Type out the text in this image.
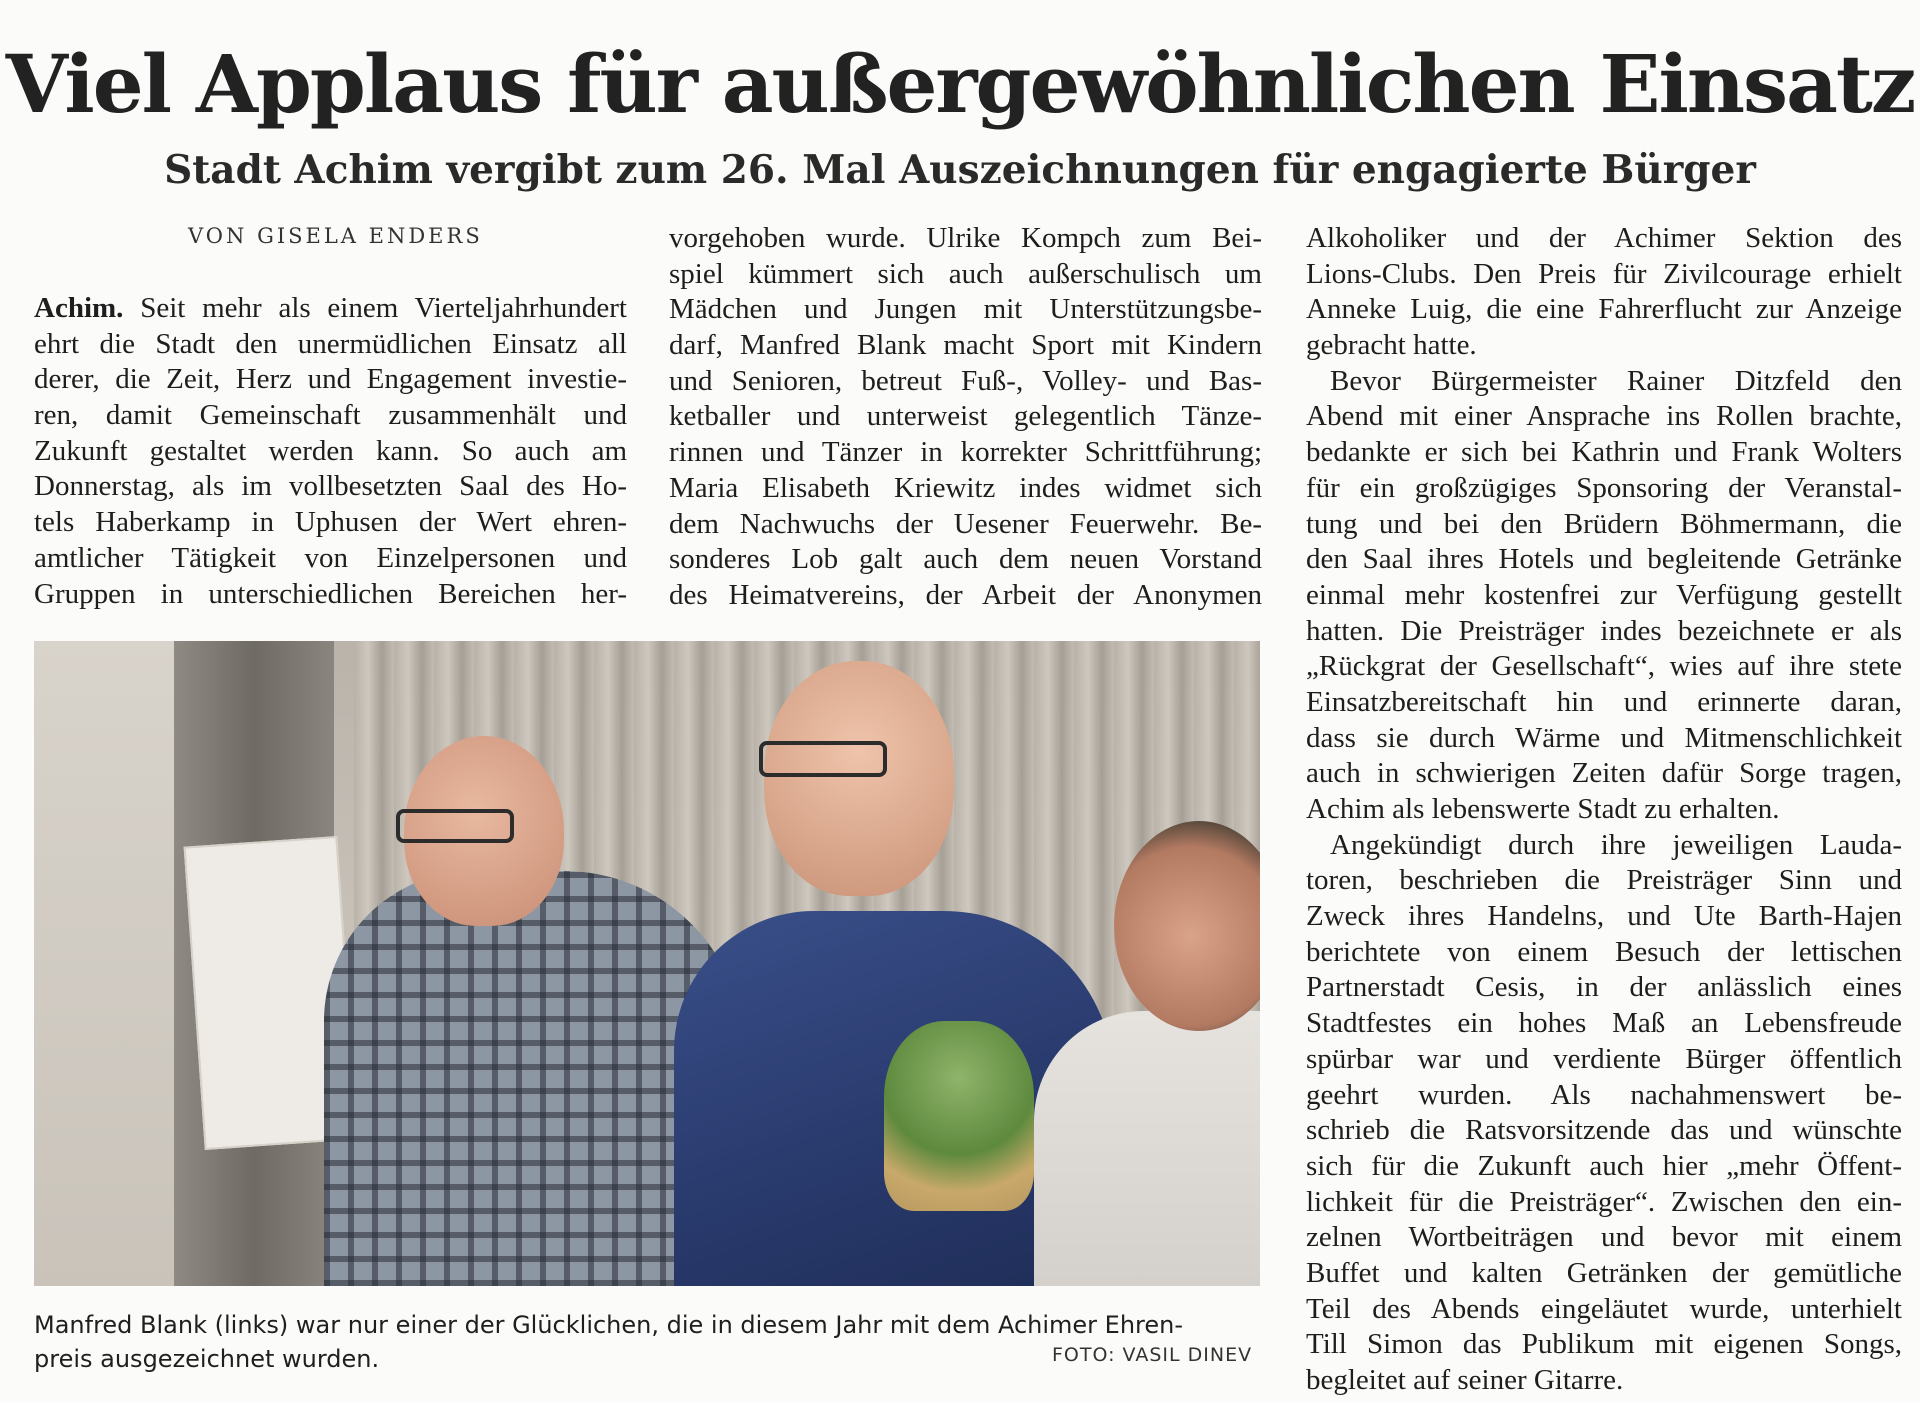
Viel Applaus für außergewöhnlichen Einsatz
Stadt Achim vergibt zum 26. Mal Auszeichnungen für engagierte Bürger
VON GISELA ENDERS
Achim. Seit mehr als einem Vierteljahrhundert
ehrt die Stadt den unermüdlichen Einsatz all
derer, die Zeit, Herz und Engagement investie-
ren, damit Gemeinschaft zusammenhält und
Zukunft gestaltet werden kann. So auch am
Donnerstag, als im vollbesetzten Saal des Ho-
tels Haberkamp in Uphusen der Wert ehren-
amtlicher Tätigkeit von Einzelpersonen und
Gruppen in unterschiedlichen Bereichen her-
vorgehoben wurde. Ulrike Kompch zum Bei-
spiel kümmert sich auch außerschulisch um
Mädchen und Jungen mit Unterstützungsbe-
darf, Manfred Blank macht Sport mit Kindern
und Senioren, betreut Fuß-, Volley- und Bas-
ketballer und unterweist gelegentlich Tänze-
rinnen und Tänzer in korrekter Schrittführung;
Maria Elisabeth Kriewitz indes widmet sich
dem Nachwuchs der Uesener Feuerwehr. Be-
sonderes Lob galt auch dem neuen Vorstand
des Heimatvereins, der Arbeit der Anonymen
Alkoholiker und der Achimer Sektion des
Lions-Clubs. Den Preis für Zivilcourage erhielt
Anneke Luig, die eine Fahrerflucht zur Anzeige
gebracht hatte.
Bevor Bürgermeister Rainer Ditzfeld den
Abend mit einer Ansprache ins Rollen brachte,
bedankte er sich bei Kathrin und Frank Wolters
für ein großzügiges Sponsoring der Veranstal-
tung und bei den Brüdern Böhmermann, die
den Saal ihres Hotels und begleitende Getränke
einmal mehr kostenfrei zur Verfügung gestellt
hatten. Die Preisträger indes bezeichnete er als
„Rückgrat der Gesellschaft“, wies auf ihre stete
Einsatzbereitschaft hin und erinnerte daran,
dass sie durch Wärme und Mitmenschlichkeit
auch in schwierigen Zeiten dafür Sorge tragen,
Achim als lebenswerte Stadt zu erhalten.
Angekündigt durch ihre jeweiligen Lauda-
toren, beschrieben die Preisträger Sinn und
Zweck ihres Handelns, und Ute Barth-Hajen
berichtete von einem Besuch der lettischen
Partnerstadt Cesis, in der anlässlich eines
Stadtfestes ein hohes Maß an Lebensfreude
spürbar war und verdiente Bürger öffentlich
geehrt wurden. Als nachahmenswert be-
schrieb die Ratsvorsitzende das und wünschte
sich für die Zukunft auch hier „mehr Öffent-
lichkeit für die Preisträger“. Zwischen den ein-
zelnen Wortbeiträgen und bevor mit einem
Buffet und kalten Getränken der gemütliche
Teil des Abends eingeläutet wurde, unterhielt
Till Simon das Publikum mit eigenen Songs,
begleitet auf seiner Gitarre.
Manfred Blank (links) war nur einer der Glücklichen, die in diesem Jahr mit dem Achimer Ehren-
preis ausgezeichnet wurden.	FOTO: VASIL DINEV
